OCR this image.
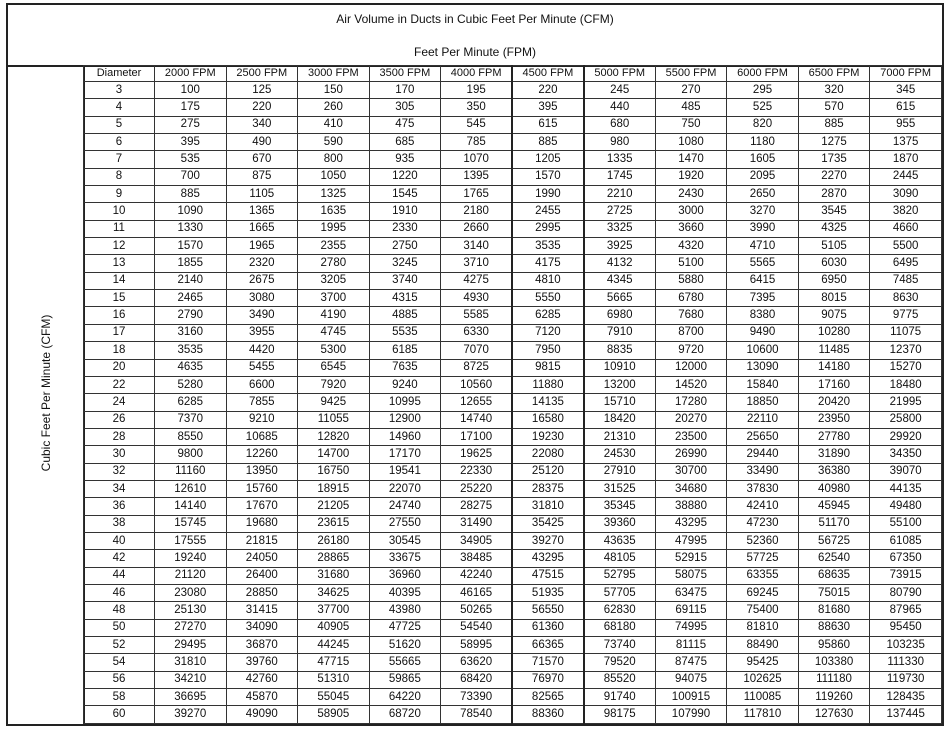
Air Volume in Ducts in Cubic Feet Per Minute (CFM)
Feet Per Minute (FPM)
Cubic Feet Per Minute (CFM)
Diameter	2000 FPM	2500 FPM	3000 FPM	3500 FPM	4000 FPM	4500 FPM	5000 FPM	5500 FPM	6000 FPM	6500 FPM	7000 FPM
3	100	125	150	170	195	220	245	270	295	320	345
4	175	220	260	305	350	395	440	485	525	570	615
5	275	340	410	475	545	615	680	750	820	885	955
6	395	490	590	685	785	885	980	1080	1180	1275	1375
7	535	670	800	935	1070	1205	1335	1470	1605	1735	1870
8	700	875	1050	1220	1395	1570	1745	1920	2095	2270	2445
9	885	1105	1325	1545	1765	1990	2210	2430	2650	2870	3090
10	1090	1365	1635	1910	2180	2455	2725	3000	3270	3545	3820
11	1330	1665	1995	2330	2660	2995	3325	3660	3990	4325	4660
12	1570	1965	2355	2750	3140	3535	3925	4320	4710	5105	5500
13	1855	2320	2780	3245	3710	4175	4132	5100	5565	6030	6495
14	2140	2675	3205	3740	4275	4810	4345	5880	6415	6950	7485
15	2465	3080	3700	4315	4930	5550	5665	6780	7395	8015	8630
16	2790	3490	4190	4885	5585	6285	6980	7680	8380	9075	9775
17	3160	3955	4745	5535	6330	7120	7910	8700	9490	10280	11075
18	3535	4420	5300	6185	7070	7950	8835	9720	10600	11485	12370
20	4635	5455	6545	7635	8725	9815	10910	12000	13090	14180	15270
22	5280	6600	7920	9240	10560	11880	13200	14520	15840	17160	18480
24	6285	7855	9425	10995	12655	14135	15710	17280	18850	20420	21995
26	7370	9210	11055	12900	14740	16580	18420	20270	22110	23950	25800
28	8550	10685	12820	14960	17100	19230	21310	23500	25650	27780	29920
30	9800	12260	14700	17170	19625	22080	24530	26990	29440	31890	34350
32	11160	13950	16750	19541	22330	25120	27910	30700	33490	36380	39070
34	12610	15760	18915	22070	25220	28375	31525	34680	37830	40980	44135
36	14140	17670	21205	24740	28275	31810	35345	38880	42410	45945	49480
38	15745	19680	23615	27550	31490	35425	39360	43295	47230	51170	55100
40	17555	21815	26180	30545	34905	39270	43635	47995	52360	56725	61085
42	19240	24050	28865	33675	38485	43295	48105	52915	57725	62540	67350
44	21120	26400	31680	36960	42240	47515	52795	58075	63355	68635	73915
46	23080	28850	34625	40395	46165	51935	57705	63475	69245	75015	80790
48	25130	31415	37700	43980	50265	56550	62830	69115	75400	81680	87965
50	27270	34090	40905	47725	54540	61360	68180	74995	81810	88630	95450
52	29495	36870	44245	51620	58995	66365	73740	81115	88490	95860	103235
54	31810	39760	47715	55665	63620	71570	79520	87475	95425	103380	111330
56	34210	42760	51310	59865	68420	76970	85520	94075	102625	111180	119730
58	36695	45870	55045	64220	73390	82565	91740	100915	110085	119260	128435
60	39270	49090	58905	68720	78540	88360	98175	107990	117810	127630	137445
